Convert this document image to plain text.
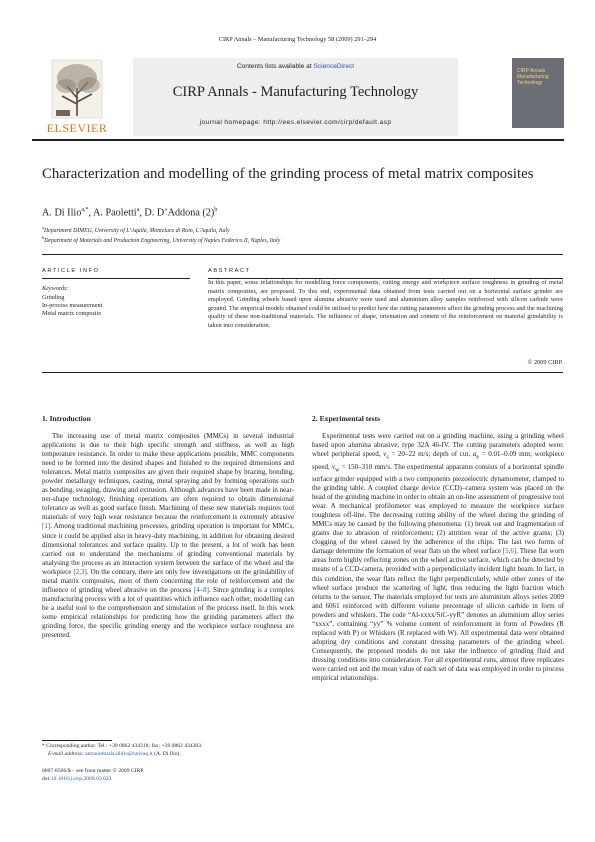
CIRP Annals – Manufacturing Technology 58 (2009) 291–294
ELSEVIER
Contents lists available at ScienceDirect
CIRP Annals - Manufacturing Technology
journal homepage: http://ees.elsevier.com/cirp/default.asp
CIRP Annals Manufacturing Technology
Characterization and modelling of the grinding process of metal matrix composites
A. Di Ilio$^{a,*}$, A. Paoletti$^a$, D. D’Addona $(2)^b$
$^a$Department DIMEG, University of L’Aquila, Monteluco di Roio, L’Aquila, Italy
$^b$Department of Materials and Production Engineering, University of Naples Federico II, Naples, Italy
ARTICLE INFO	ABSTRACT
Keywords:
Grinding
In-process measurement
Metal matrix composite
In this paper, some relationships for modelling force components, cutting energy and workpiece surface roughness in grinding of metal matrix composites, are proposed. To this end, experimental data obtained from tests carried out on a horizontal surface grinder are employed. Grinding wheels based upon alumina abrasive were used and aluminium alloy samples reinforced with silicon carbide were ground. The empirical models obtained could be utilised to predict how the cutting parameters affect the grinding process and the machining quality of these non-traditional materials. The influence of shape, orientation and content of the reinforcement on material grindability is taken into consideration.
© 2009 CIRP.
1. Introduction

The increasing use of metal matrix composites (MMCs) in several industrial applications is due to their high specific strength and stiffness, as well as high temperature resistance. In order to make these applications possible, MMC components need to be formed into the desired shapes and finished to the required dimensions and tolerances. Metal matrix composites are given their required shape by brazing, bonding, powder metallurgy techniques, casting, metal spraying and by forming operations such as bending, swaging, drawing and extrusion. Although advances have been made in near-net-shape technology, finishing operations are often required to obtain dimensional tolerance as well as good surface finish. Machining of these new materials requires tool materials of very high wear resistance because the reinforcement is extremely abrasive [1]. Among traditional machining processes, grinding operation is important for MMCs, since it could be applied also in heavy-duty machining, in addition for obtaining desired dimensional tolerances and surface quality. Up to the present, a lot of work has been carried out to understand the mechanisms of grinding conventional materials by analysing the process as an interaction system between the surface of the wheel and the workpiece [2,3]. On the contrary, there are only few investigations on the grindability of metal matrix composites, most of them concerning the role of reinforcement and the influence of grinding wheel abrasive on the process [4–8]. Since grinding is a complex manufacturing process with a lot of quantities which influence each other, modelling can be a useful tool to the comprehension and simulation of the process itself. In this work some empirical relationships for predicting how the grinding parameters affect the grinding force, the specific grinding energy and the workpiece surface roughness are presented.

2. Experimental tests

Experimental tests were carried out on a grinding machine, using a grinding wheel based upon alumina abrasive, type 32A 46-IV. The cutting parameters adopted were: wheel peripheral speed, $v_s = 20-22$ m/s; depth of cut, $a_e = 0.01-0.09$ mm; workpiece speed, $v_w = 150-310$ mm/s. The experimental apparatus consists of a horizontal spindle surface grinder equipped with a two components piezoelectric dynamometer, clamped to the grinding table. A coupled charge device (CCD)–camera system was placed on the head of the grinding machine in order to obtain an on-line assessment of progressive tool wear. A mechanical profilometer was employed to measure the workpiece surface roughness off-line. The decreasing cutting ability of the wheel during the grinding of MMCs may be caused by the following phenomena: (1) break out and fragmentation of grains due to abrasion of reinforcement; (2) attrition wear of the active grains; (3) clogging of the wheel caused by the adherence of the chips. The last two forms of damage determine the formation of wear flats on the wheel surface [5,6]. These flat worn areas form highly reflecting zones on the wheel active surface, which can be detected by means of a CCD-camera, provided with a perpendicularly incident light beam. In fact, in this condition, the wear flats reflect the light perpendicularly, while other zones of the wheel surface produce the scattering of light, thus reducing the light fraction which returns to the sensor. The materials employed for tests are aluminium alloys series 2009 and 6061 reinforced with different volume percentage of silicon carbide in form of powders and whiskers. The code “Al-xxxx/SiC-yyR” denotes an aluminium alloy series “xxxx”, containing “yy” % volume content of reinforcement in form of Powders (R replaced with P) or Whiskers (R replaced with W). All experimental data were obtained adopting dry conditions and constant dressing parameters of the grinding wheel. Consequently, the proposed models do not take the influence of grinding fluid and dressing conditions into consideration. For all experimental runs, almost three replicates were carried out and the mean value of each set of data was employed in order to process empirical relationships.

* Corresponding author. Tel.: +39 0862 434318; fax: +39 0862 434303.
E-mail address: antoniomaria.diilio@univaq.it (A. Di Ilio).
0007-8506/$ – see front matter © 2009 CIRP.
doi:10.1016/j.cirp.2009.03.023
